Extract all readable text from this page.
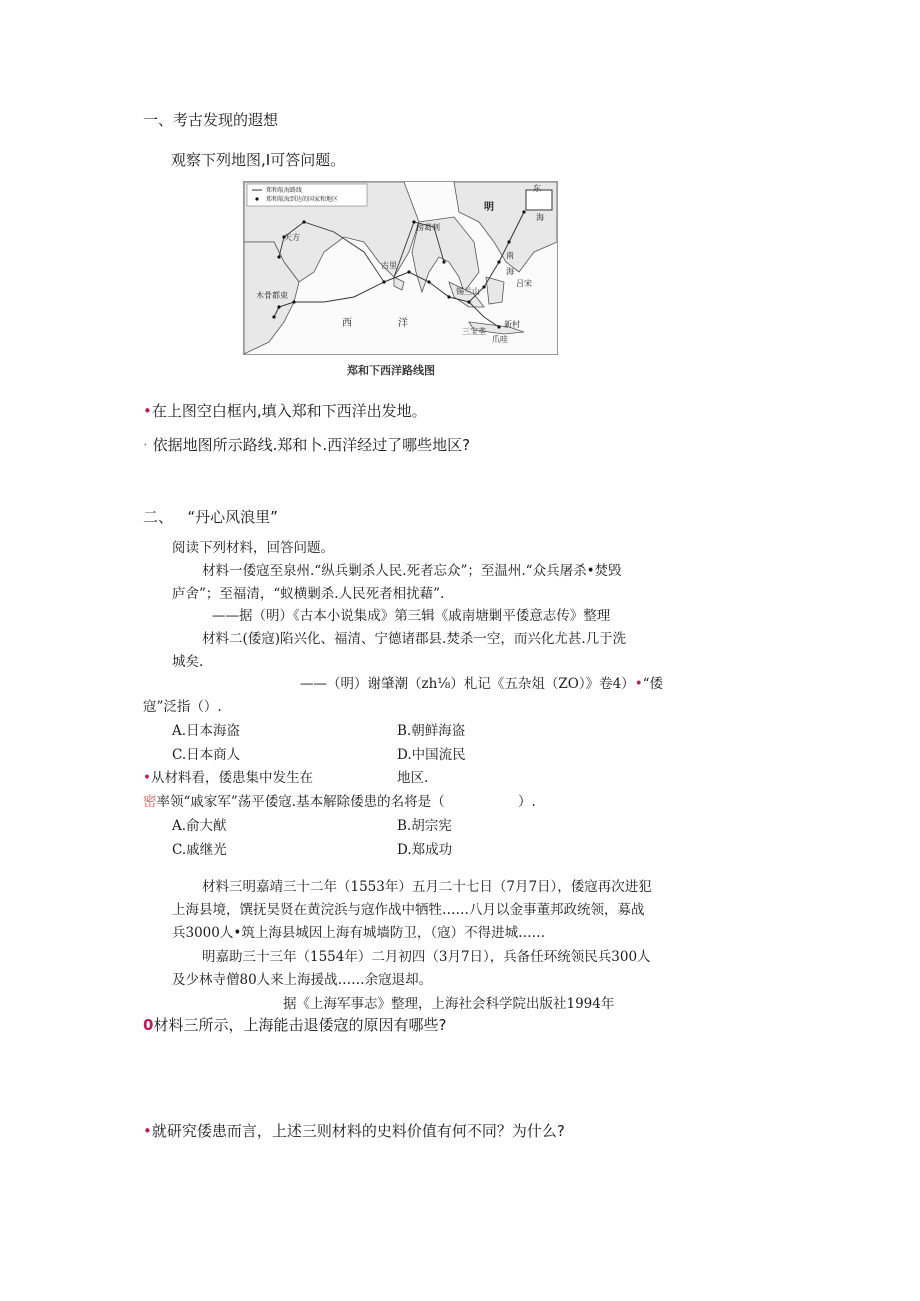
一、考古发现的遐想
观察下列地图,I可答问题。
郑和航海路线
郑和航海到达的国家和地区
明
东
海
天方
木骨都束
榜葛剌
古里
锡兰山
西	洋
三宝垄
新村
爪哇
南
海
吕宋
郑和下西洋路线图
•在上图空白框内,填入郑和下西洋出发地。
· 依据地图所示路线.郑和卜.西洋经过了哪些地区?
二、 “丹心风浪里”
阅读下列材料，回答问题。
材料一倭寇至泉州.“纵兵剿杀人民.死者忘众”；至温州.“众兵屠杀•焚毁
庐舍”；至福清，“蚁横剿杀.人民死者相扰藉”.
——据（明）《古本小说集成》第三辑《戚南塘剿平倭意志传》整理
材料二(倭寇)陷兴化、福清、宁德诸郡县.焚杀一空，而兴化尤甚.几于洗
城矣.
——（明）谢肇潮（zh⅛）札记《五杂俎（ZO）》卷4）•“倭
寇”泛指（）.
A.日本海盗	B.朝鲜海盗
C.日本商人	D.中国流民
•从材料看，倭患集中发生在	地区.
密率领“戚家军”荡平倭寇.基本解除倭患的名将是（	）.
A.俞大猷	B.胡宗宪
C.戚继光	D.郑成功
材料三明嘉靖三十二年（1553年）五月二十七日（7月7日），倭寇再次进犯
上海县境，馔抚昊贤在黄浣浜与寇作战中牺牲……八月以金事董邦政统领，募战
兵3000人•筑上海县城因上海有城墙防卫，（寇）不得进城……
明嘉助三十三年（1554年）二月初四（3月7日），兵备任环统领民兵300人
及少林寺僧80人来上海援战……余寇退却。
据《上海军事志》整理，上海社会科学院出版社1994年
0材料三所示，上海能击退倭寇的原因有哪些?
•就研究倭患而言，上述三则材料的史料价值有何不同？为什么?
